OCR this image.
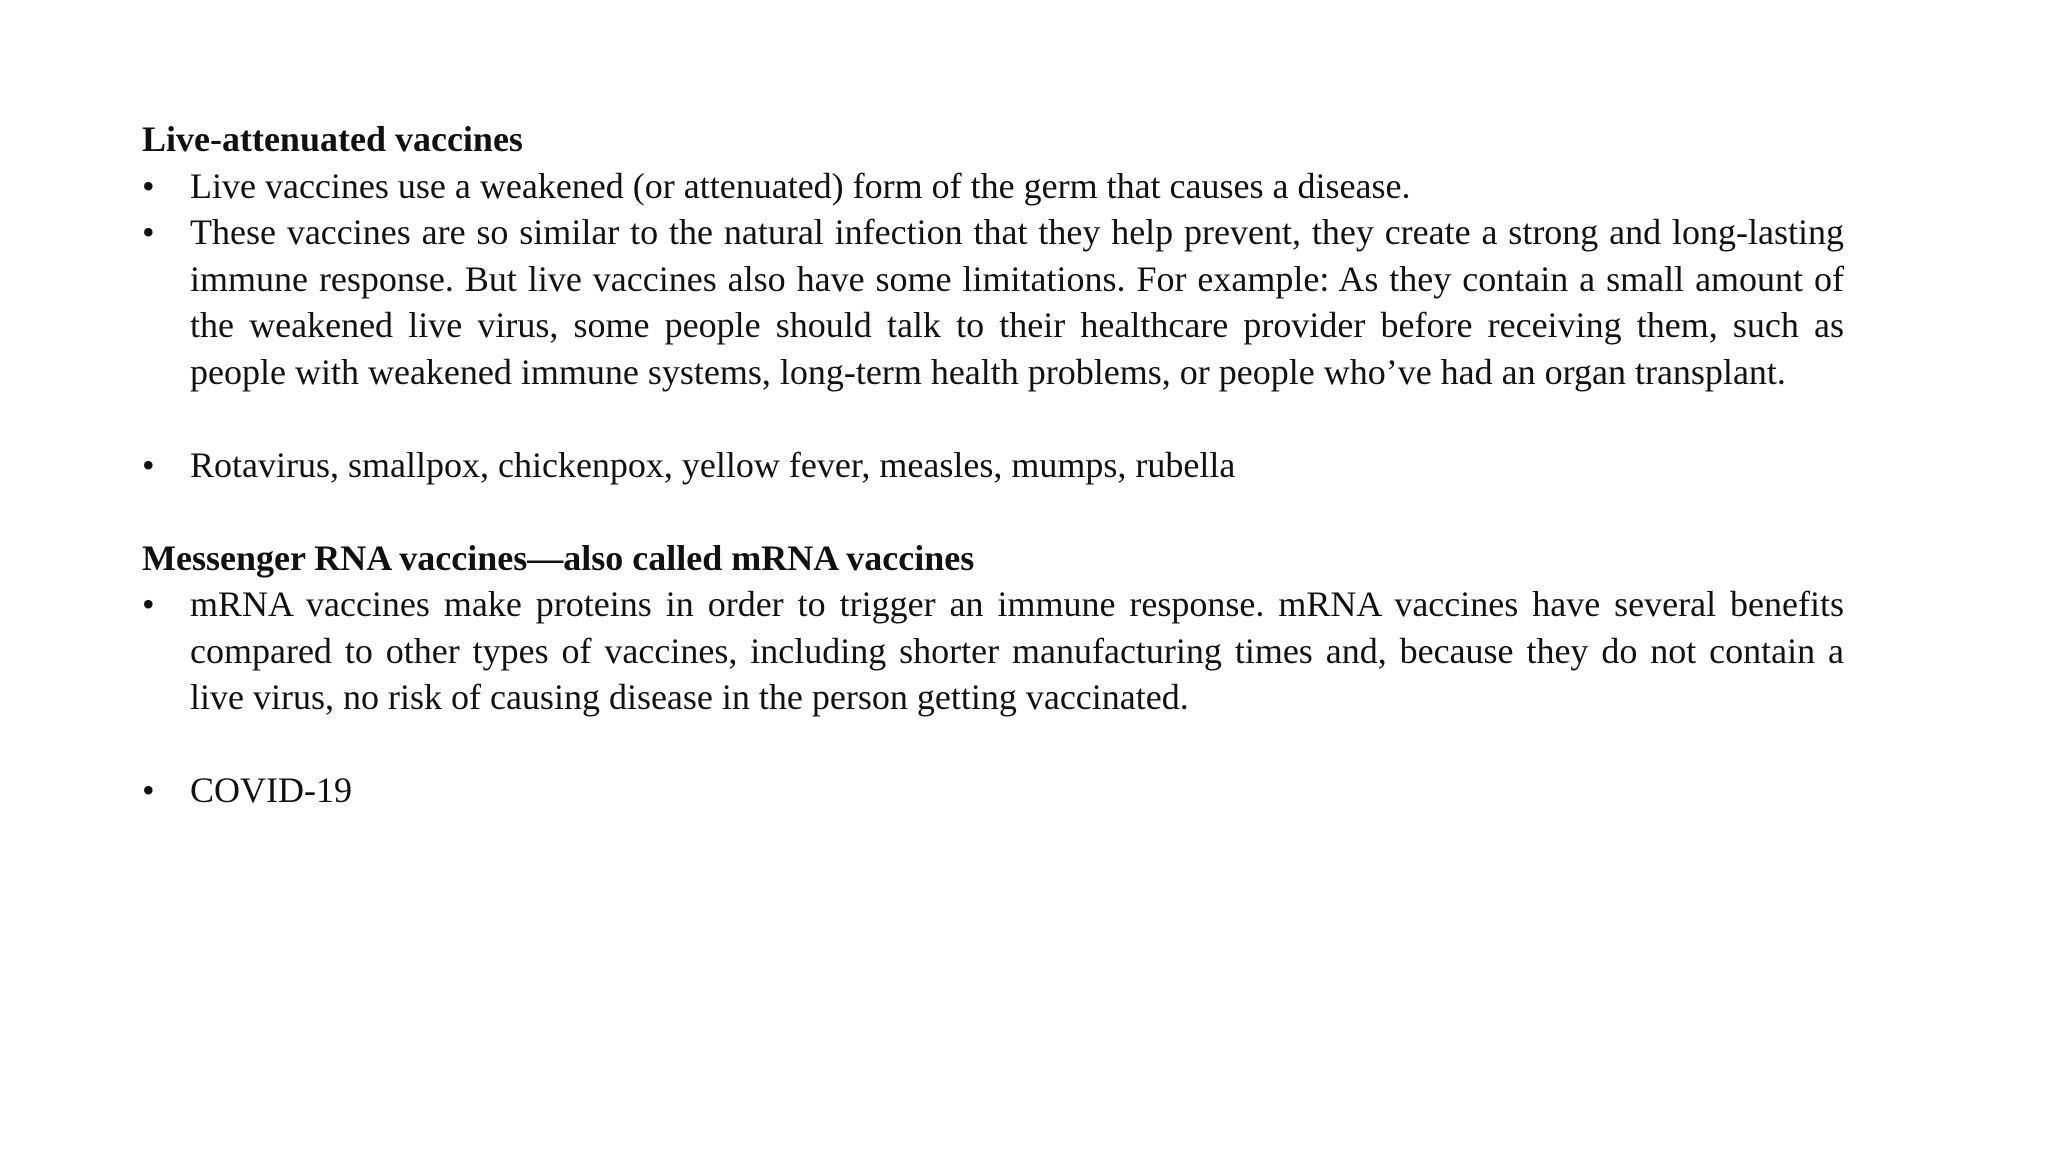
Live-attenuated vaccines

• Live vaccines use a weakened (or attenuated) form of the germ that causes a disease.
• These vaccines are so similar to the natural infection that they help prevent, they create a strong and long-lasting immune response. But live vaccines also have some limitations. For example: As they contain a small amount of the weakened live virus, some people should talk to their healthcare provider before receiving them, such as people with weakened immune systems, long-term health problems, or people who’ve had an organ transplant.
• Rotavirus, smallpox, chickenpox, yellow fever, measles, mumps, rubella

Messenger RNA vaccines—also called mRNA vaccines

• mRNA vaccines make proteins in order to trigger an immune response. mRNA vaccines have several benefits compared to other types of vaccines, including shorter manufacturing times and, because they do not contain a live virus, no risk of causing disease in the person getting vaccinated.
• COVID-19
